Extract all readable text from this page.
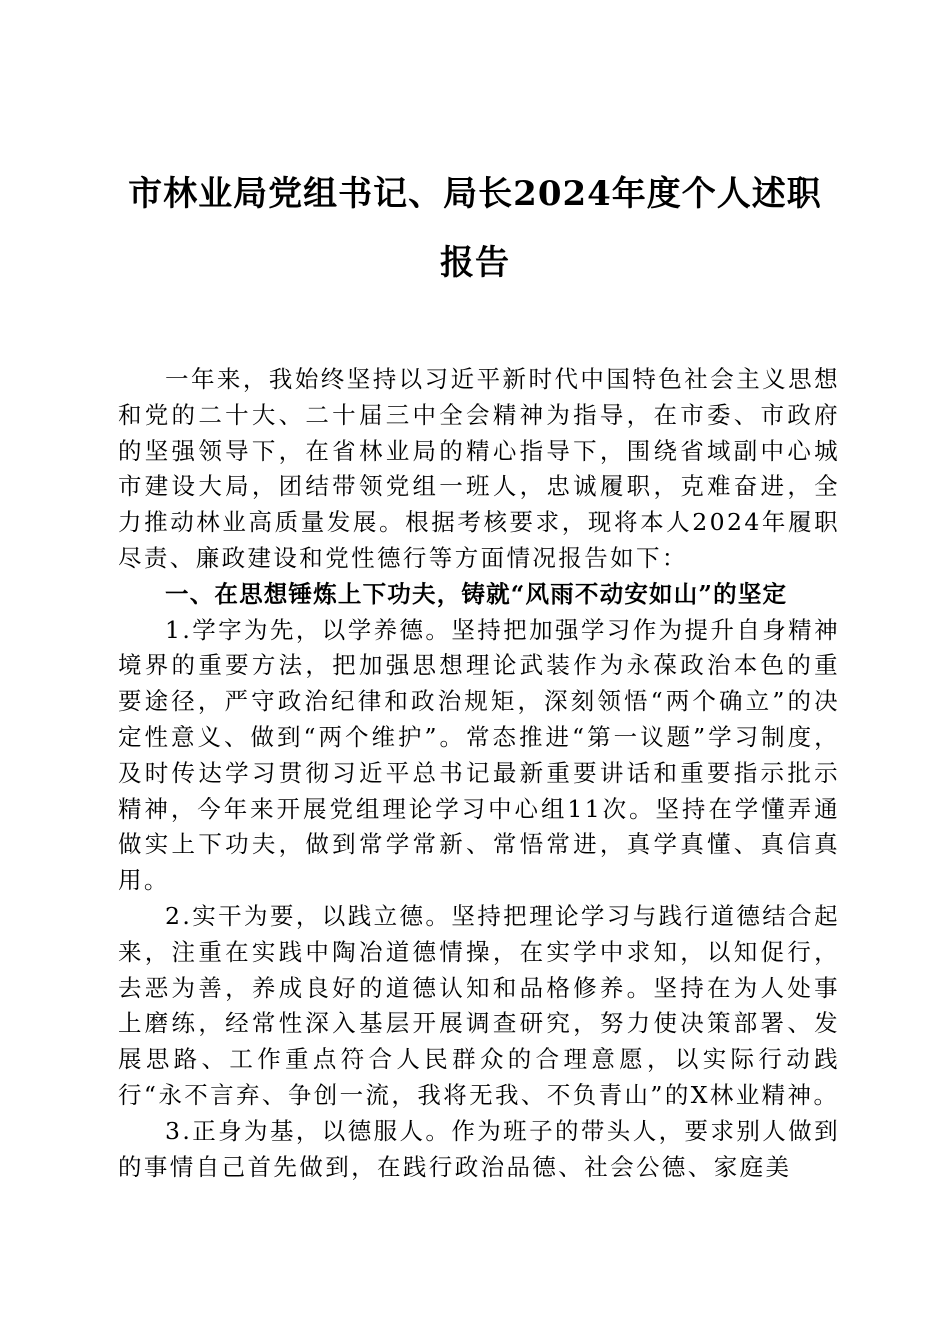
市林业局党组书记、局长2024年度个人述职
报告

一年来，我始终坚持以习近平新时代中国特色社会主义思想和党的二十大、二十届三中全会精神为指导，在市委、市政府的坚强领导下，在省林业局的精心指导下，围绕省域副中心城市建设大局，团结带领党组一班人，忠诚履职，克难奋进，全力推动林业高质量发展。根据考核要求，现将本人2024年履职尽责、廉政建设和党性德行等方面情况报告如下：

一、在思想锤炼上下功夫，铸就“风雨不动安如山”的坚定

1.学字为先，以学养德。坚持把加强学习作为提升自身精神境界的重要方法，把加强思想理论武装作为永葆政治本色的重要途径，严守政治纪律和政治规矩，深刻领悟“两个确立”的决定性意义、做到“两个维护”。常态推进“第一议题”学习制度，及时传达学习贯彻习近平总书记最新重要讲话和重要指示批示精神，今年来开展党组理论学习中心组11次。坚持在学懂弄通做实上下功夫，做到常学常新、常悟常进，真学真懂、真信真用。

2.实干为要，以践立德。坚持把理论学习与践行道德结合起来，注重在实践中陶冶道德情操，在实学中求知，以知促行，去恶为善，养成良好的道德认知和品格修养。坚持在为人处事上磨练，经常性深入基层开展调查研究，努力使决策部署、发展思路、工作重点符合人民群众的合理意愿，以实际行动践行“永不言弃、争创一流，我将无我、不负青山”的X林业精神。

3.正身为基，以德服人。作为班子的带头人，要求别人做到的事情自己首先做到，在践行政治品德、社会公德、家庭美
